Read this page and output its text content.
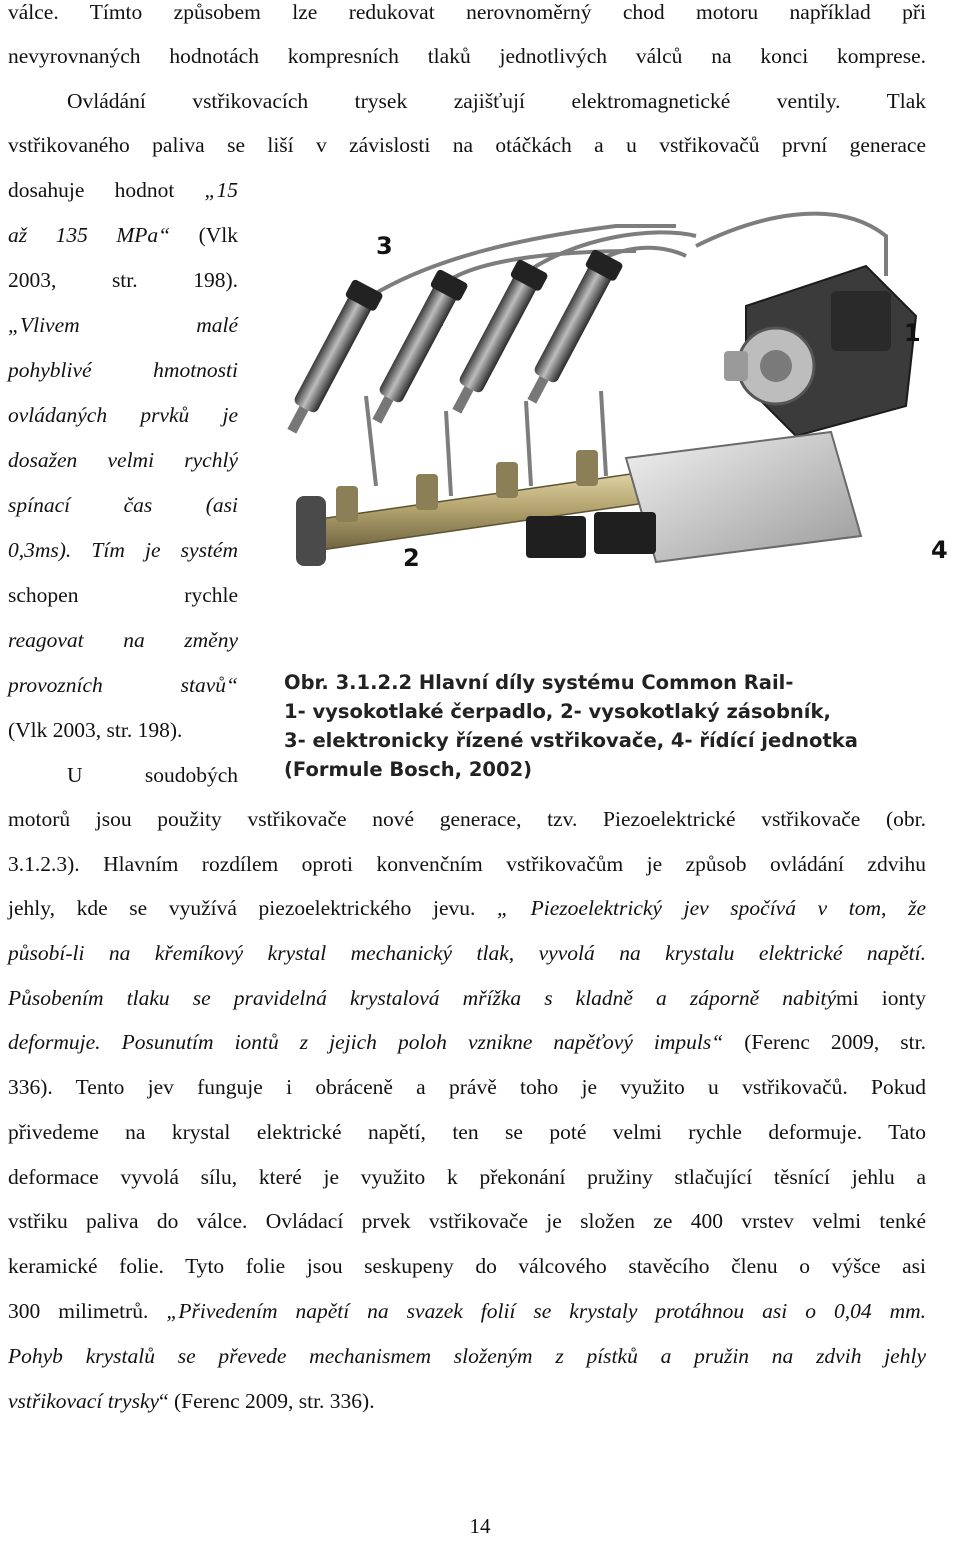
válce. Tímto způsobem lze redukovat nerovnoměrný chod motoru například při
nevyrovnaných hodnotách kompresních tlaků jednotlivých válců na konci komprese.
Ovládání vstřikovacích trysek zajišťují elektromagnetické ventily. Tlak
vstřikovaného paliva se liší v závislosti na otáčkách a u vstřikovačů první generace
dosahuje hodnot „15
až 135 MPa“ (Vlk
2003, str. 198).
„Vlivem malé
pohyblivé hmotnosti
ovládaných prvků je
dosažen velmi rychlý
spínací čas (asi
0,3ms). Tím je systém
schopen rychle
reagovat na změny
provozních stavů“
(Vlk 2003, str. 198).
U soudobých
1
2
3
4
Obr. 3.1.2.2 Hlavní díly systému Common Rail-
1- vysokotlaké čerpadlo, 2- vysokotlaký zásobník,
3- elektronicky řízené vstřikovače, 4- řídící jednotka
(Formule Bosch, 2002)
motorů jsou použity vstřikovače nové generace, tzv. Piezoelektrické vstřikovače (obr.
3.1.2.3). Hlavním rozdílem oproti konvenčním vstřikovačům je způsob ovládání zdvihu
jehly, kde se využívá piezoelektrického jevu. „ Piezoelektrický jev spočívá v tom, že
působí-li na křemíkový krystal mechanický tlak, vyvolá na krystalu elektrické napětí.
Působením tlaku se pravidelná krystalová mřížka s kladně a záporně nabitými ionty
deformuje. Posunutím iontů z jejich poloh vznikne napěťový impuls“ (Ferenc 2009, str.
336). Tento jev funguje i obráceně a právě toho je využito u vstřikovačů. Pokud
přivedeme na krystal elektrické napětí, ten se poté velmi rychle deformuje. Tato
deformace vyvolá sílu, které je využito k překonání pružiny stlačující těsnící jehlu a
vstřiku paliva do válce. Ovládací prvek vstřikovače je složen ze 400 vrstev velmi tenké
keramické folie. Tyto folie jsou seskupeny do válcového stavěcího členu o výšce asi
300 milimetrů. „Přivedením napětí na svazek folií se krystaly protáhnou asi o 0,04 mm.
Pohyb krystalů se převede mechanismem složeným z pístků a pružin na zdvih jehly
vstřikovací trysky“ (Ferenc 2009, str. 336).
14
